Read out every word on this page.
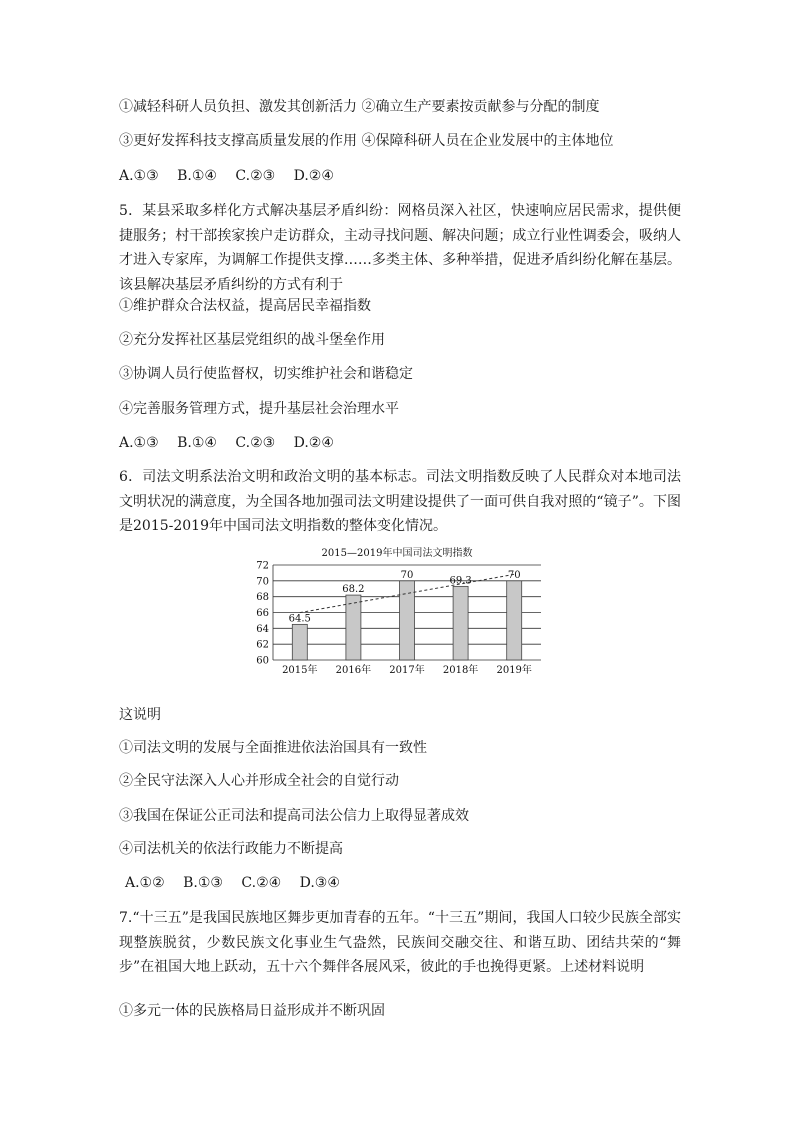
①减轻科研人员负担、激发其创新活力 ②确立生产要素按贡献参与分配的制度
③更好发挥科技支撑高质量发展的作用 ④保障科研人员在企业发展中的主体地位
A.①③　 B.①④　 C.②③　 D.②④
5．某县采取多样化方式解决基层矛盾纠纷：网格员深入社区，快速响应居民需求，提供便捷服务；村干部挨家挨户走访群众，主动寻找问题、解决问题；成立行业性调委会，吸纳人才进入专家库，为调解工作提供支撑……多类主体、多种举措，促进矛盾纠纷化解在基层。该县解决基层矛盾纠纷的方式有利于
①维护群众合法权益，提高居民幸福指数
②充分发挥社区基层党组织的战斗堡垒作用
③协调人员行使监督权，切实维护社会和谐稳定
④完善服务管理方式，提升基层社会治理水平
A.①③　 B.①④　 C.②③　 D.②④
6．司法文明系法治文明和政治文明的基本标志。司法文明指数反映了人民群众对本地司法文明状况的满意度，为全国各地加强司法文明建设提供了一面可供自我对照的“镜子”。下图 是2015-2019年中国司法文明指数的整体变化情况。
2015—2019年中国司法文明指数
60
62
64
66
68
70
72
64.5
2015年
68.2
2016年
70
2017年
69.3
2018年
70
2019年
这说明
①司法文明的发展与全面推进依法治国具有一致性
②全民守法深入人心并形成全社会的自觉行动
③我国在保证公正司法和提高司法公信力上取得显著成效
④司法机关的依法行政能力不断提高
A.①②　 B.①③　 C.②④　 D.③④
7.“十三五”是我国民族地区舞步更加青春的五年。“十三五”期间，我国人口较少民族全部实现整族脱贫，少数民族文化事业生气盎然，民族间交融交往、和谐互助、团结共荣的“舞步”在祖国大地上跃动，五十六个舞伴各展风采，彼此的手也挽得更紧。上述材料说明
①多元一体的民族格局日益形成并不断巩固
